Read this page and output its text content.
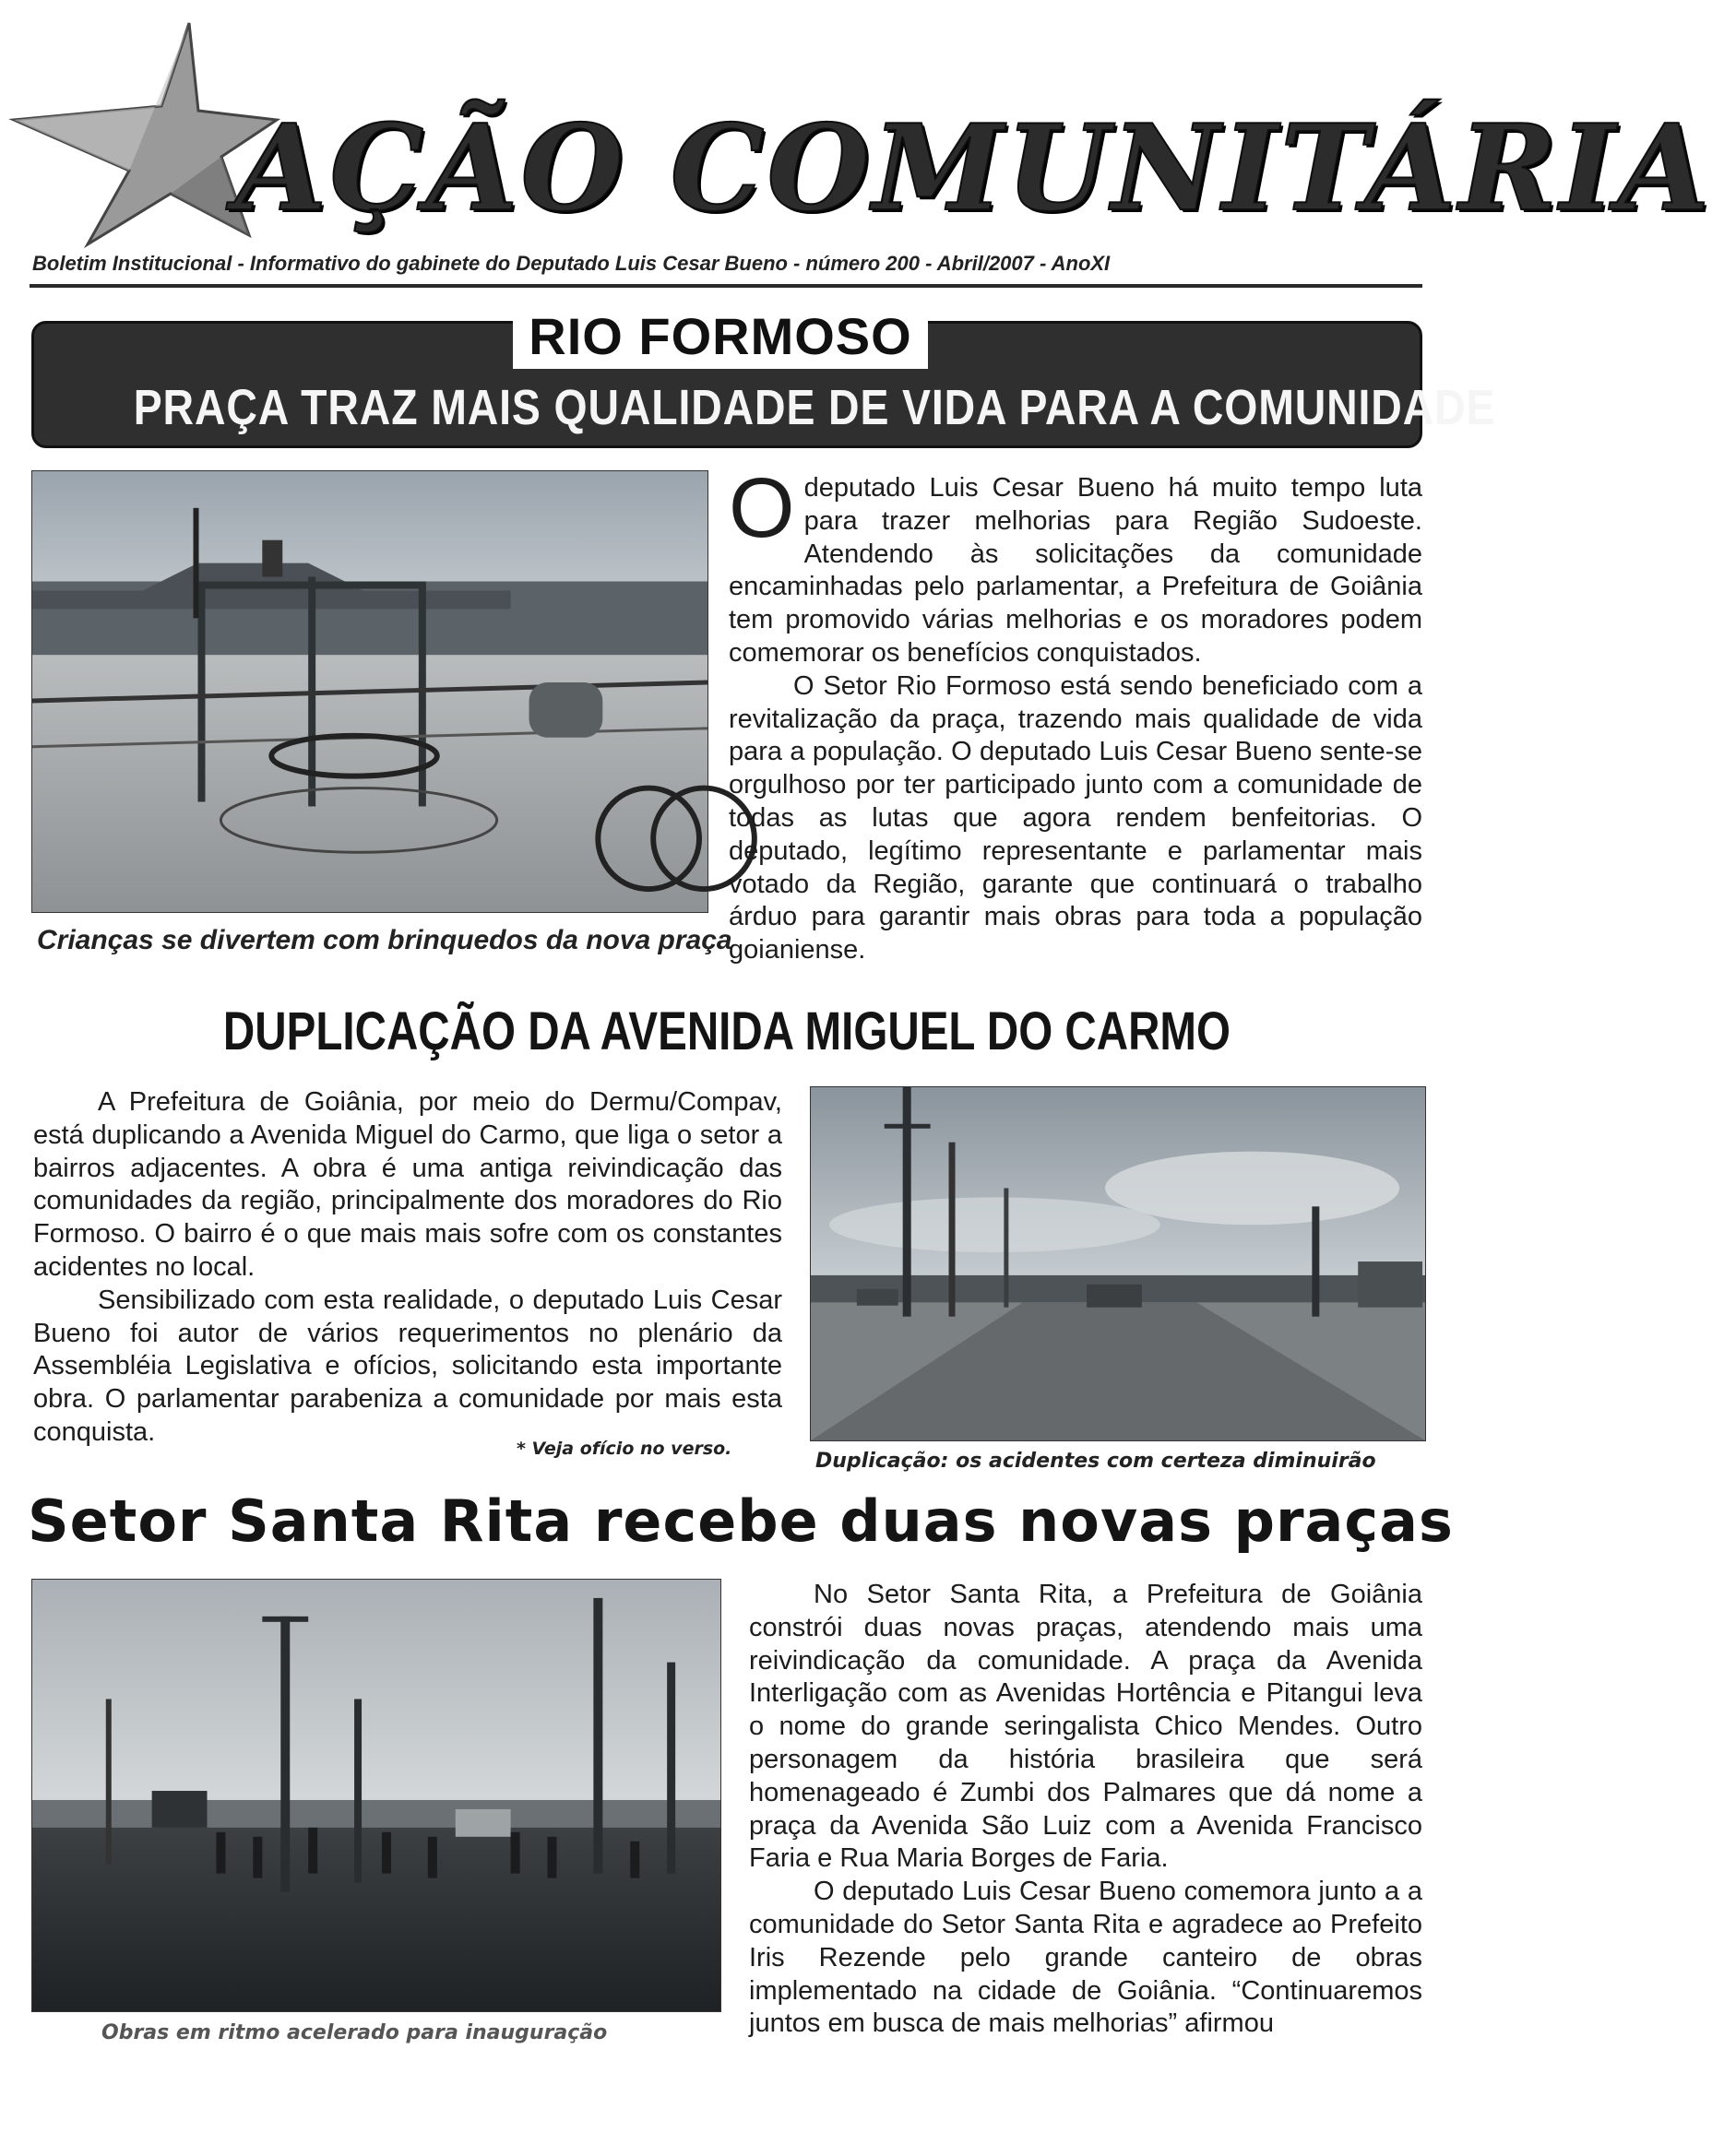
AÇÃO COMUNITÁRIA
Boletim Institucional - Informativo do gabinete do Deputado Luis Cesar Bueno - número 200 - Abril/2007 - AnoXI
RIO FORMOSO
PRAÇA TRAZ MAIS QUALIDADE DE VIDA PARA A COMUNIDADE
Crianças se divertem com brinquedos da nova praça

Odeputado Luis Cesar Bueno há muito tempo luta para trazer melhorias para Região Sudoeste. Atendendo às solicitações da comunidade encaminhadas pelo parlamentar, a Prefeitura de Goiânia tem promovido várias melhorias e os moradores podem comemorar os benefícios conquistados.

O Setor Rio Formoso está sendo beneficiado com a revitalização da praça, trazendo mais qualidade de vida para a população. O deputado Luis Cesar Bueno sente-se orgulhoso por ter participado junto com a comunidade de todas as lutas que agora rendem benfeitorias. O deputado, legítimo representante e parlamentar mais votado da Região, garante que continuará o trabalho árduo para garantir mais obras para toda a população goianiense.

DUPLICAÇÃO DA AVENIDA MIGUEL DO CARMO

A Prefeitura de Goiânia, por meio do Dermu/Compav, está duplicando a Avenida Miguel do Carmo, que liga o setor a bairros adjacentes. A obra é uma antiga reivindicação das comunidades da região, principalmente dos moradores do Rio Formoso. O bairro é o que mais mais sofre com os constantes acidentes no local.

Sensibilizado com esta realidade, o deputado Luis Cesar Bueno foi autor de vários requerimentos no plenário da Assembléia Legislativa e ofícios, solicitando esta importante obra. O parlamentar parabeniza a comunidade por mais esta conquista.

* Veja ofício no verso.
Duplicação: os acidentes com certeza diminuirão
Setor Santa Rita recebe duas novas praças
Obras em ritmo acelerado para inauguração

No Setor Santa Rita, a Prefeitura de Goiânia constrói duas novas praças, atendendo mais uma reivindicação da comunidade. A praça da Avenida Interligação com as Avenidas Hortência e Pitangui leva o nome do grande seringalista Chico Mendes. Outro personagem da história brasileira que será homenageado é Zumbi dos Palmares que dá nome a praça da Avenida São Luiz com a Avenida Francisco Faria e Rua Maria Borges de Faria.

O deputado Luis Cesar Bueno comemora junto a a comunidade do Setor Santa Rita e agradece ao Prefeito Iris Rezende pelo grande canteiro de obras implementado na cidade de Goiânia. “Continuaremos juntos em busca de mais melhorias” afirmou
